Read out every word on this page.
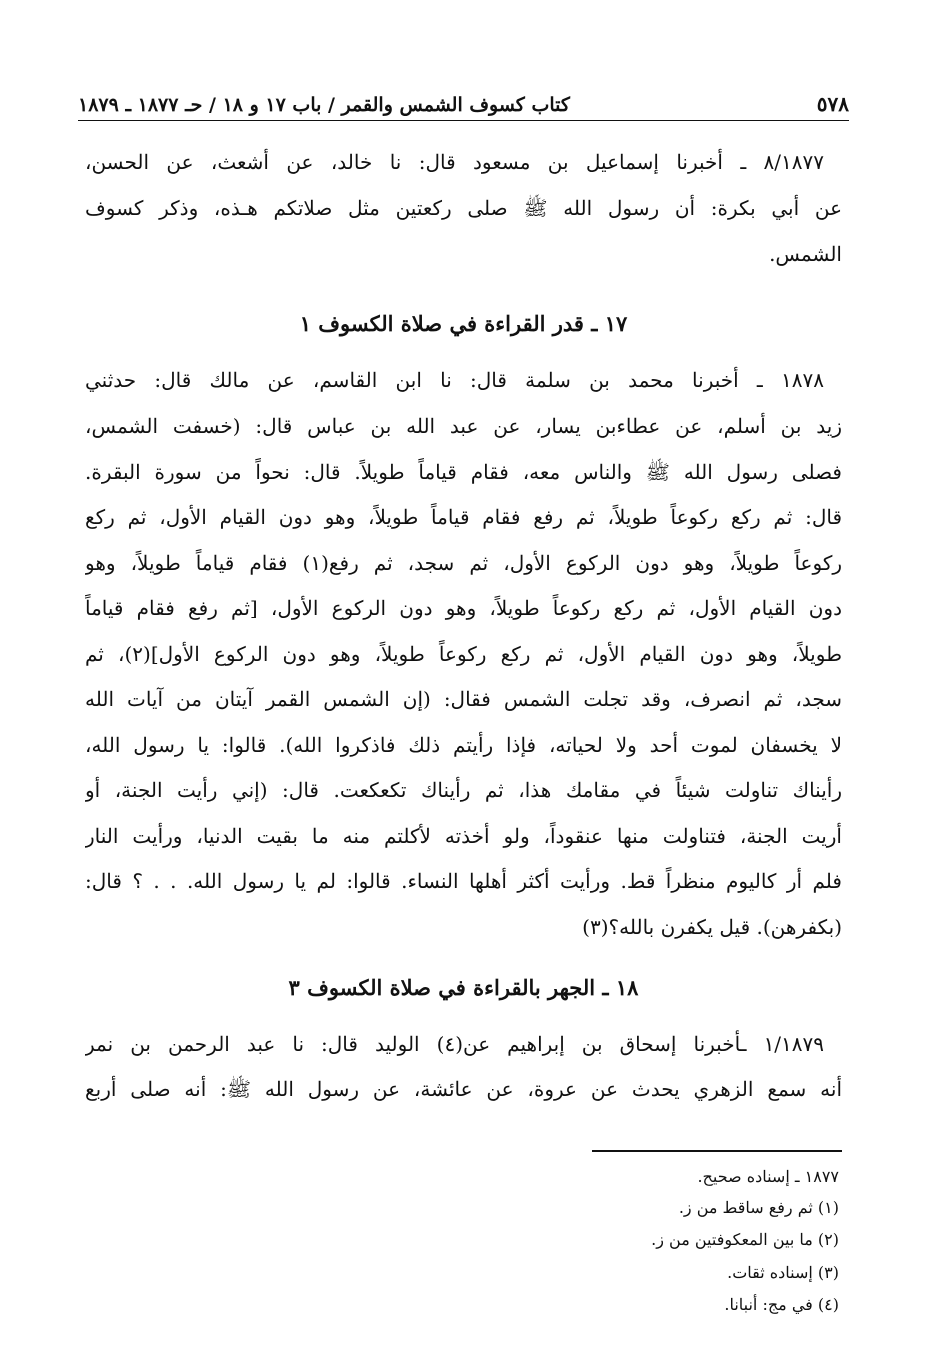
٥٧٨
كتاب كسوف الشمس والقمر / باب ١٧ و ١٨ / حـ ١٨٧٧ ـ ١٨٧٩
٨/١٨٧٧ ـ أخبرنا إسماعيل بن مسعود قال: نا خالد، عن أشعث، عن الحسن،
عن أبي بكرة: أن رسول الله ﷺ صلى ركعتين مثل صلاتكم هـذه، وذكر كسوف
الشمس.
١٧ ـ قدر القراءة في صلاة الكسوف ١
١٨٧٨ ـ أخبرنا محمد بن سلمة قال: نا ابن القاسم، عن مالك قال: حدثني
زيد بن أسلم، عن عطاءبن يسار، عن عبد الله بن عباس قال: (خسفت الشمس،
فصلى رسول الله ﷺ والناس معه، فقام قياماً طويلاً. قال: نحواً من سورة البقرة.
قال: ثم ركع ركوعاً طويلاً، ثم رفع فقام قياماً طويلاً، وهو دون القيام الأول، ثم ركع
ركوعاً طويلاً، وهو دون الركوع الأول، ثم سجد، ثم رفع(١) فقام قياماً طويلاً، وهو
دون القيام الأول، ثم ركع ركوعاً طويلاً، وهو دون الركوع الأول، [ثم رفع فقام قياماً
طويلاً، وهو دون القيام الأول، ثم ركع ركوعاً طويلاً، وهو دون الركوع الأول](٢)، ثم
سجد، ثم انصرف، وقد تجلت الشمس فقال: (إن الشمس القمر آيتان من آيات الله
لا يخسفان لموت أحد ولا لحياته، فإذا رأيتم ذلك فاذكروا الله). قالوا: يا رسول الله،
رأيناك تناولت شيئاً في مقامك هذا، ثم رأيناك تكعكعت. قال: (إني رأيت الجنة، أو
أريت الجنة، فتناولت منها عنقوداً، ولو أخذته لأكلتم منه ما بقيت الدنيا، ورأيت النار
فلم أر كاليوم منظراً قط. ورأيت أكثر أهلها النساء. قالوا: لم يا رسول الله. . . ؟ قال:
(بكفرهن). قيل يكفرن بالله؟(٣)
١٨ ـ الجهر بالقراءة في صلاة الكسوف ٣
١/١٨٧٩ ـأخبرنا إسحاق بن إبراهيم عن(٤) الوليد قال: نا عبد الرحمن بن نمر
أنه سمع الزهري يحدث عن عروة، عن عائشة، عن رسول الله ﷺ: أنه صلى أربع
١٨٧٧ ـ إسناده صحيح.
(١) ثم رفع ساقط من ز.
(٢) ما بين المعكوفتين من ز.
(٣) إسناده ثقات.
(٤) في مج: أنبانا.
